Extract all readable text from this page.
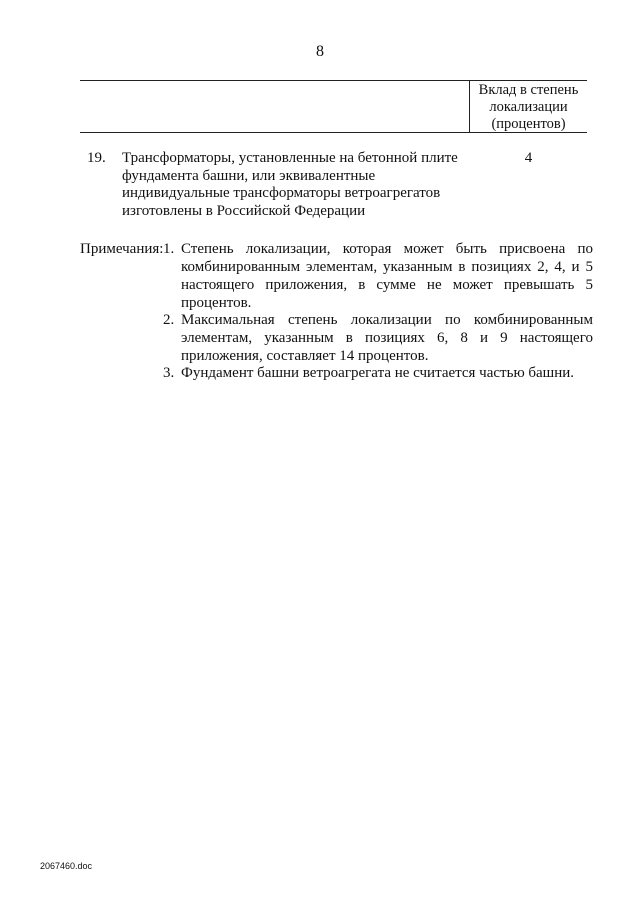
8
Вклад в степень локализации (процентов)
19. Трансформаторы, установленные на бетонной плите фундамента башни, или эквивалентные индивидуальные трансформаторы ветроагрегатов изготовлены в Российской Федерации
4
Примечания: 1. Степень локализации, которая может быть присвоена по комбинированным элементам, указанным в позициях 2, 4, и 5 настоящего приложения, в сумме не может превышать 5 процентов.
2. Максимальная степень локализации по комбинированным элементам, указанным в позициях 6, 8 и 9 настоящего приложения, составляет 14 процентов.
3. Фундамент башни ветроагрегата не считается частью башни.
2067460.doc
